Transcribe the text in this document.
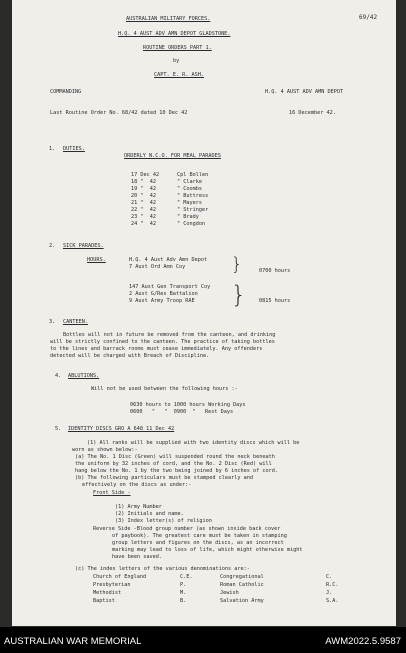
69/42
AUSTRALIAN MILITARY FORCES.
H.Q. 4 AUST ADV AMN DEPOT GLADSTONE.
ROUTINE ORDERS PART 1.
by
CAPT. E. R. ASH.
COMMANDING	H.Q. 4 AUST ADV AMN DEPOT
Last Routine Order No. 68/42 dated 10 Dec 42	16 December 42.
1. DUTIES.
ORDERLY N.C.O. FOR MEAL PARADES
17 Dec 42	Cpl Bollen
18 "  42	" Clarke
19 "  42	" Coombs
20 "  42	" Buttress
21 "  42	" Mayers
22 "  42	" Stringer
23 "  42	" Brady
24 "  42	" Congdon
2. SICK PARADES.
HOURS.	H.Q. 4 Aust Adv Amn Depot
7 Aust Ord Amn Coy	}	0700 hours
147 Aust Gen Transport Coy
2 Aust G/Res Battalion
9 Aust Army Troop RAE } 0815 hours
3. CANTEEN.
Bottles will not in future be removed from the canteen, and drinking
will be strictly confined to the canteen. The practice of taking bottles
to the lines and barrack rooms must cease immediately. Any offenders
detected will be charged with Breach of Discipline.
4. ABLUTIONS.
Will not be used between the following hours :-
0630 hours to 1000 hours Working Days
0600   "   "  0900  "   Rest Days
5. IDENTITY DISCS GRO A 648 11 Dec 42
(1) All ranks will be supplied with two identity discs which will be
worn as shown below:-
(a) The No. 1 Disc (Green) will suspended round the neck beneath
the uniform by 32 inches of cord, and the No. 2 Disc (Red) will
hang below the No. 1 by the two being joined by 6 inches of cord.
(b) The following particulars must be stamped clearly and
effectively on the discs as under:-
Front Side -
(1) Army Number
(2) Initials and name.
(3) Index letter(s) of religion
Reverse Side -Blood group number (as shown inside back cover
of paybook). The greatest care must be taken in stamping
group letters and figures on the discs, as an incorrect
marking may lead to loss of life, which might otherwise might
have been saved.
(c) The index letters of the various denominations are:-
Church of England	C.E.	Congregational	C.
Presbyterian	P.	Roman Catholic	R.C.
Methodist	M.	Jewish	J.
Baptist	B.	Salvation Army	S.A.
AUSTRALIAN WAR MEMORIAL	AWM2022.5.9587
